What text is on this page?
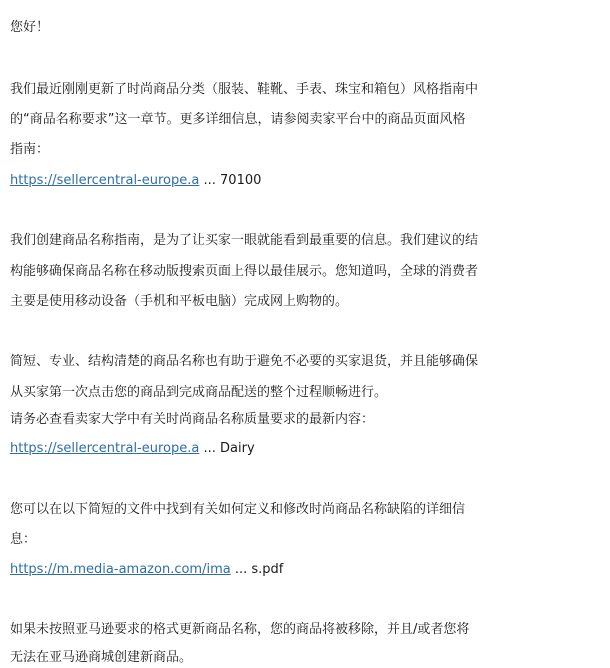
您好！
我们最近刚刚更新了时尚商品分类（服装、鞋靴、手表、珠宝和箱包）风格指南中
的“商品名称要求”这一章节。更多详细信息，请参阅卖家平台中的商品页面风格
指南：
https://sellercentral-europe.a ... 70100
我们创建商品名称指南，是为了让买家一眼就能看到最重要的信息。我们建议的结
构能够确保商品名称在移动版搜索页面上得以最佳展示。您知道吗，全球的消费者
主要是使用移动设备（手机和平板电脑）完成网上购物的。
简短、专业、结构清楚的商品名称也有助于避免不必要的买家退货，并且能够确保
从买家第一次点击您的商品到完成商品配送的整个过程顺畅进行。
请务必查看卖家大学中有关时尚商品名称质量要求的最新内容：
https://sellercentral-europe.a ... Dairy
您可以在以下简短的文件中找到有关如何定义和修改时尚商品名称缺陷的详细信
息：
https://m.media-amazon.com/ima ... s.pdf
如果未按照亚马逊要求的格式更新商品名称，您的商品将被移除，并且/或者您将
无法在亚马逊商城创建新商品。
